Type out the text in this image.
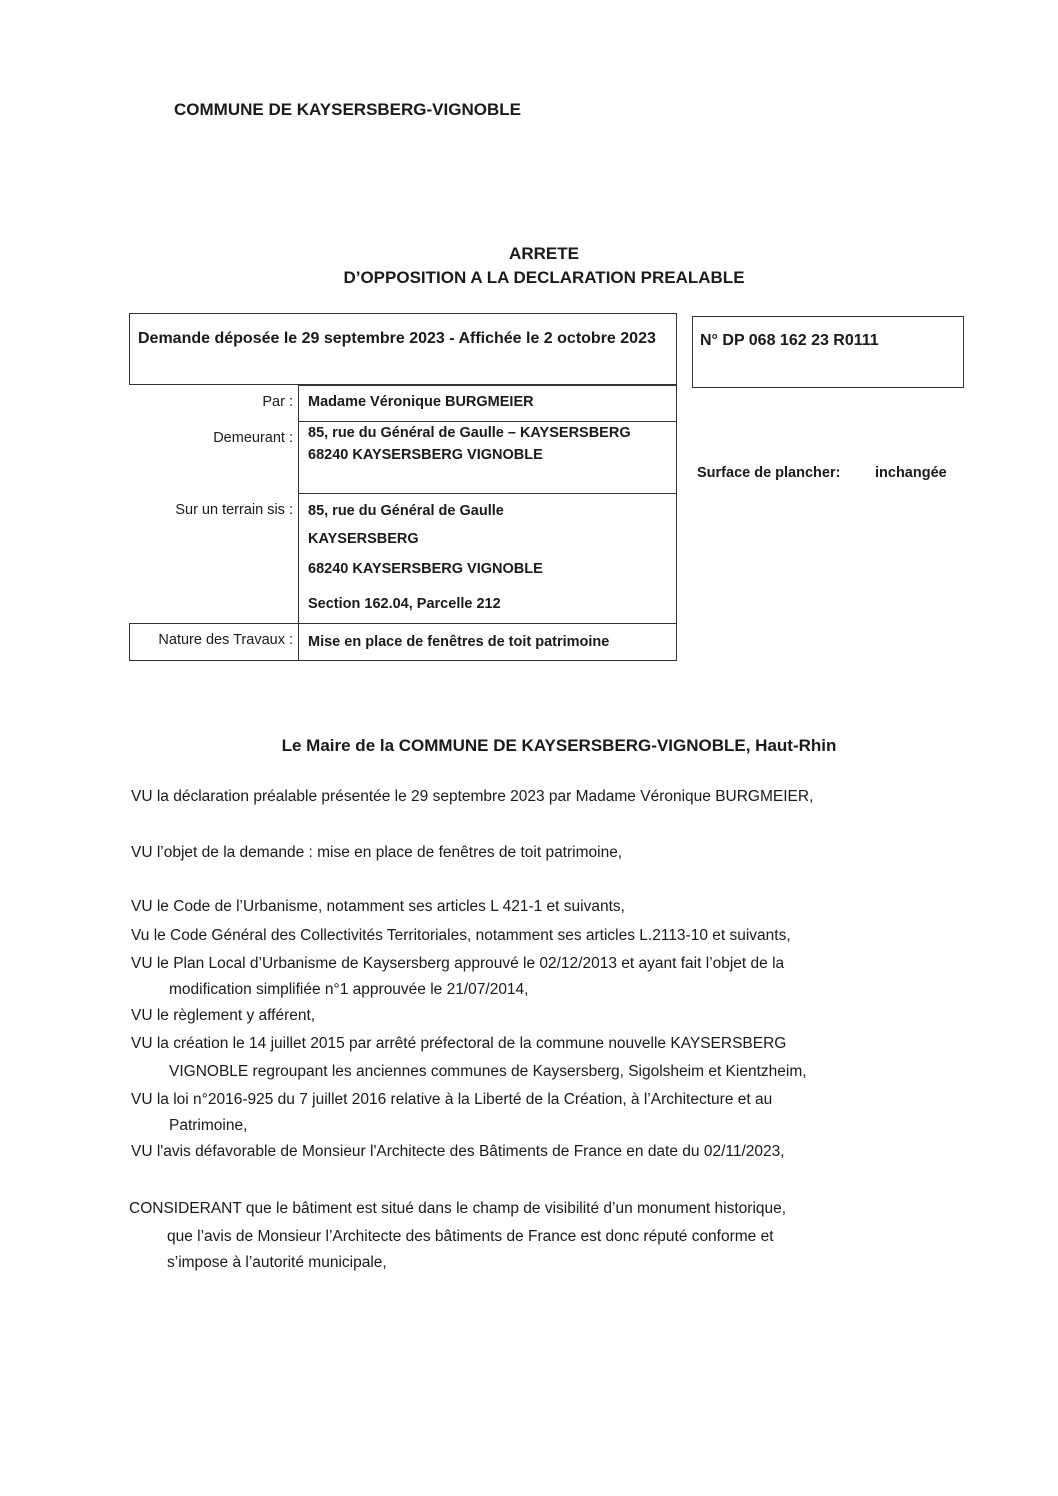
COMMUNE DE KAYSERSBERG-VIGNOBLE
ARRETE
D’OPPOSITION A LA DECLARATION PREALABLE
Demande déposée le 29 septembre 2023 - Affichée le 2 octobre 2023
Par : Madame Véronique BURGMEIER
Demeurant : 85, rue du Général de Gaulle – KAYSERSBERG
68240 KAYSERSBERG VIGNOBLE
Sur un terrain sis : 85, rue du Général de Gaulle
KAYSERSBERG
68240 KAYSERSBERG VIGNOBLE
Section 162.04, Parcelle 212
Nature des Travaux : Mise en place de fenêtres de toit patrimoine
N° DP 068 162 23 R0111
Surface de plancher: inchangée
Le Maire de la COMMUNE DE KAYSERSBERG-VIGNOBLE, Haut-Rhin
VU la déclaration préalable présentée le 29 septembre 2023 par Madame Véronique BURGMEIER,
VU l’objet de la demande : mise en place de fenêtres de toit patrimoine,
VU le Code de l’Urbanisme, notamment ses articles L 421-1 et suivants,
Vu le Code Général des Collectivités Territoriales, notamment ses articles L.2113-10 et suivants,
VU le Plan Local d’Urbanisme de Kaysersberg approuvé le 02/12/2013 et ayant fait l’objet de la
modification simplifiée n°1 approuvée le 21/07/2014,
VU le règlement y afférent,
VU la création le 14 juillet 2015 par arrêté préfectoral de la commune nouvelle KAYSERSBERG
VIGNOBLE regroupant les anciennes communes de Kaysersberg, Sigolsheim et Kientzheim,
VU la loi n°2016-925 du 7 juillet 2016 relative à la Liberté de la Création, à l’Architecture et au
Patrimoine,
VU l'avis défavorable de Monsieur l'Architecte des Bâtiments de France en date du 02/11/2023,
CONSIDERANT que le bâtiment est situé dans le champ de visibilité d’un monument historique,
que l’avis de Monsieur l’Architecte des bâtiments de France est donc réputé conforme et
s’impose à l’autorité municipale,
